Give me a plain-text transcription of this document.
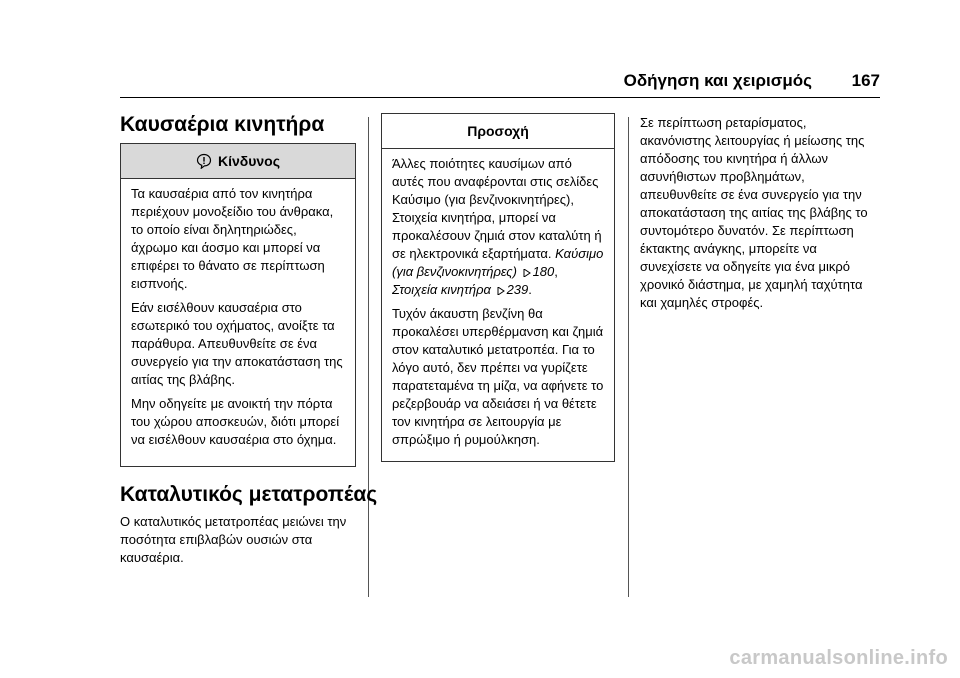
Οδήγηση και χειρισμός 167
Καυσαέρια κινητήρα
Κίνδυνος

Τα καυσαέρια από τον κινητήρα περιέχουν μονοξείδιο του άνθρακα, το οποίο είναι δηλητηριώδες, άχρωμο και άοσμο και μπορεί να επιφέρει το θάνατο σε περίπτωση εισπνοής.

Εάν εισέλθουν καυσαέρια στο εσωτερικό του οχήματος, ανοίξτε τα παράθυρα. Απευθυνθείτε σε ένα συνεργείο για την αποκατάσταση της αιτίας της βλάβης.

Μην οδηγείτε με ανοικτή την πόρτα του χώρου αποσκευών, διότι μπορεί να εισέλθουν καυσαέρια στο όχημα.

Καταλυτικός μετατροπέας

Ο καταλυτικός μετατροπέας μειώνει την ποσότητα επιβλαβών ουσιών στα καυσαέρια.

Προσοχή

Άλλες ποιότητες καυσίμων από αυτές που αναφέρονται στις σελίδες Καύσιμο (για βενζινοκινητήρες), Στοιχεία κινητήρα, μπορεί να προκαλέσουν ζημιά στον καταλύτη ή σε ηλεκτρονικά εξαρτήματα. Καύσιμο (για βενζινοκινητήρες) 180, Στοιχεία κινητήρα 239.

Τυχόν άκαυστη βενζίνη θα προκαλέσει υπερθέρμανση και ζημιά στον καταλυτικό μετατροπέα. Για το λόγο αυτό, δεν πρέπει να γυρίζετε παρατεταμένα τη μίζα, να αφήνετε το ρεζερβουάρ να αδειάσει ή να θέτετε τον κινητήρα σε λειτουργία με σπρώξιμο ή ρυμούλκηση.

Σε περίπτωση ρεταρίσματος, ακανόνιστης λειτουργίας ή μείωσης της απόδοσης του κινητήρα ή άλλων ασυνήθιστων προβλημάτων, απευθυνθείτε σε ένα συνεργείο για την αποκατάσταση της αιτίας της βλάβης το συντομότερο δυνατόν. Σε περίπτωση έκτακτης ανάγκης, μπορείτε να συνεχίσετε να οδηγείτε για ένα μικρό χρονικό διάστημα, με χαμηλή ταχύτητα και χαμηλές στροφές.

carmanualsonline.info
